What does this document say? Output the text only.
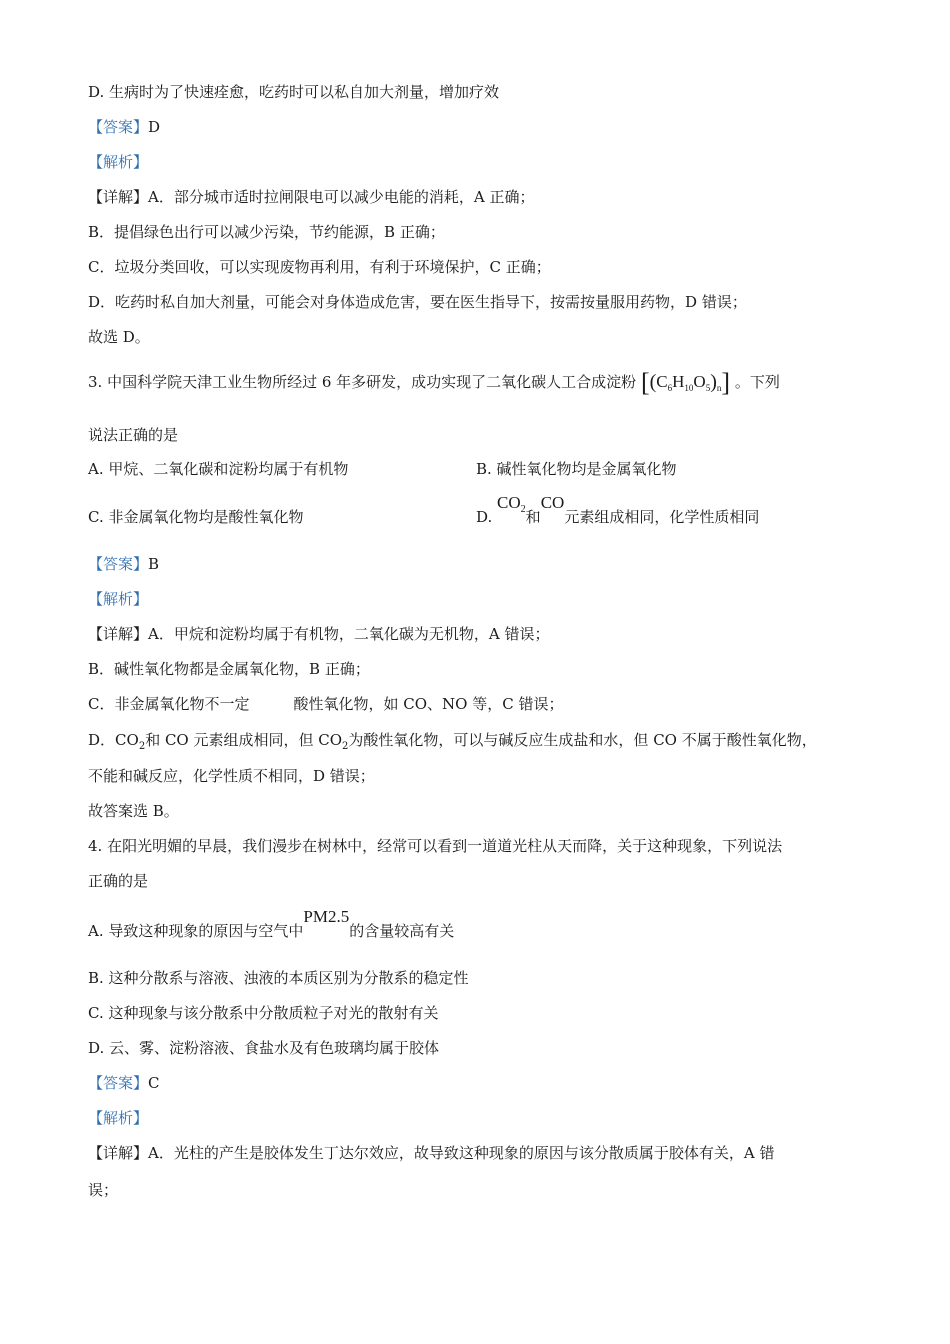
D. 生病时为了快速痊愈，吃药时可以私自加大剂量，增加疗效
【答案】D
【解析】
【详解】A．部分城市适时拉闸限电可以减少电能的消耗，A 正确；
B．提倡绿色出行可以减少污染，节约能源，B 正确；
C．垃圾分类回收，可以实现废物再利用，有利于环境保护，C 正确；
D．吃药时私自加大剂量，可能会对身体造成危害，要在医生指导下，按需按量服用药物，D 错误；
故选 D。
3. 中国科学院天津工业生物所经过 6 年多研发，成功实现了二氧化碳人工合成淀粉 $[(C_6H_{10}O_5)_n]$ 。下列
说法正确的是
A. 甲烷、二氧化碳和淀粉均属于有机物	B. 碱性氧化物均是金属氧化物
C. 非金属氧化物均是酸性氧化物	D. $CO_2$和CO元素组成相同，化学性质相同
【答案】B
【解析】
【详解】A．甲烷和淀粉均属于有机物，二氧化碳为无机物，A 错误；
B．碱性氧化物都是金属氧化物，B 正确；
C．非金属氧化物不一定	酸性氧化物，如 CO、NO 等，C 错误；
D．$CO_2$和 CO 元素组成相同，但 $CO_2$为酸性氧化物，可以与碱反应生成盐和水，但 CO 不属于酸性氧化物，
不能和碱反应，化学性质不相同，D 错误；
故答案选 B。
4. 在阳光明媚的早晨，我们漫步在树林中，经常可以看到一道道光柱从天而降，关于这种现象，下列说法
正确的是
A. 导致这种现象的原因与空气中PM2.5的含量较高有关
B. 这种分散系与溶液、浊液的本质区别为分散系的稳定性
C. 这种现象与该分散系中分散质粒子对光的散射有关
D. 云、雾、淀粉溶液、食盐水及有色玻璃均属于胶体
【答案】C
【解析】
【详解】A．光柱的产生是胶体发生丁达尔效应，故导致这种现象的原因与该分散质属于胶体有关，A 错
误；
